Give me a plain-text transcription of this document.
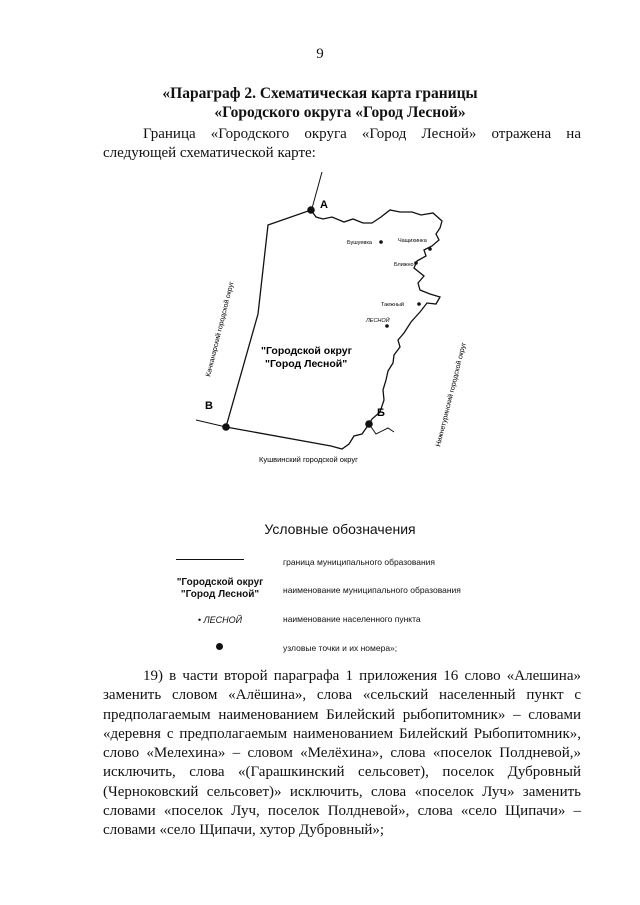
9
«Параграф 2. Схематическая карта границы
«Городского округа «Город Лесной»
Граница «Городского округа «Город Лесной» отражена на следующей схематической карте:
А
В
Б
Бушуевка	Чащихинка
Ближно
Таежный
ЛЕСНОЙ
"Городской округ
"Город Лесной"
Качканарский городской округ
Нижнетуринский городской округ
Кушвинский городской округ
Условные обозначения
граница муниципального образования
"Городской округ
"Город Лесной"	наименование муниципального образования
• ЛЕСНОЙ	наименование населенного пункта
узловые точки и их номера»;
19) в части второй параграфа 1 приложения 16 слово «Алешина» заменить словом «Алёшина», слова «сельский населенный пункт с предполагаемым наименованием Билейский рыбопитомник» – словами «деревня с предполагаемым наименованием Билейский Рыбопитомник», слово «Мелехина» – словом «Мелёхина», слова «поселок Полдневой,» исключить, слова «(Гарашкинский сельсовет), поселок Дубровный (Черноковский сельсовет)» исключить, слова «поселок Луч» заменить словами «поселок Луч, поселок Полдневой», слова «село Щипачи» – словами «село Щипачи, хутор Дубровный»;
